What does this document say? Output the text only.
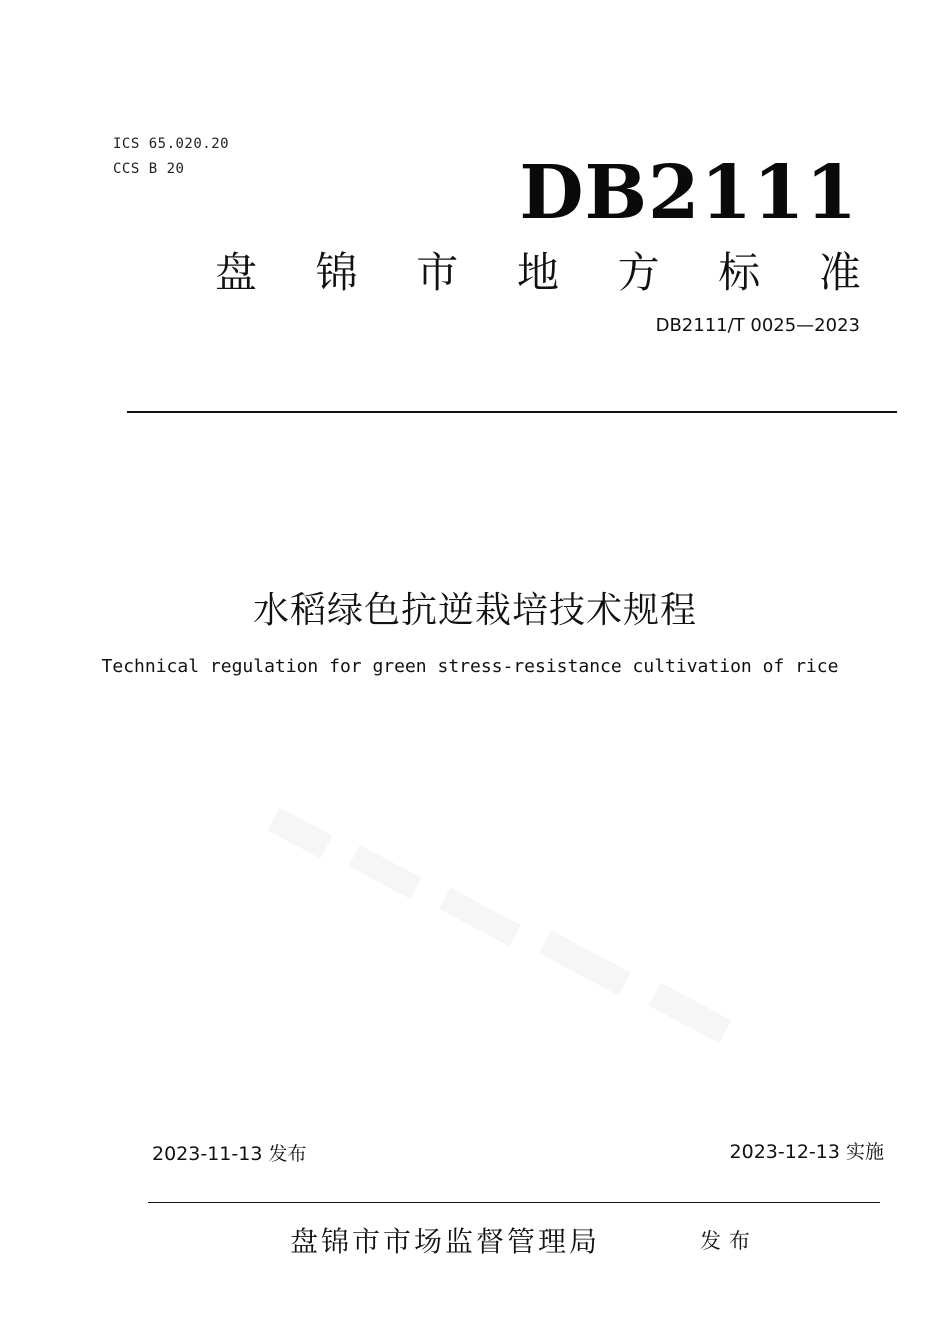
ICS 65.020.20
CCS B 20	DB2111
盘 锦 市 地 方 标 准
DB2111/T 0025—2023
水稻绿色抗逆栽培技术规程
Technical regulation for green stress-resistance cultivation of rice
2023-11-13 发布	2023-12-13 实施
盘锦市市场监督管理局	发布
